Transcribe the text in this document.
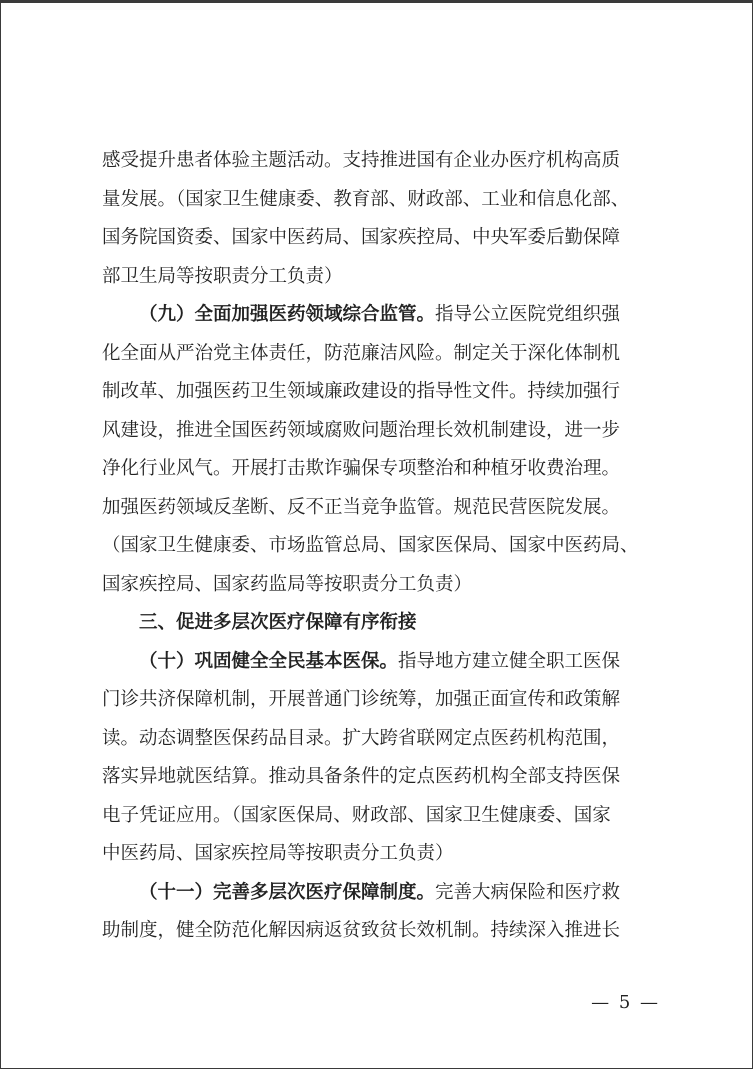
感受提升患者体验主题活动。支持推进国有企业办医疗机构高质
量发展。（国家卫生健康委、教育部、财政部、工业和信息化部、
国务院国资委、国家中医药局、国家疾控局、中央军委后勤保障
部卫生局等按职责分工负责）
（九）全面加强医药领域综合监管。指导公立医院党组织强
化全面从严治党主体责任，防范廉洁风险。制定关于深化体制机
制改革、加强医药卫生领域廉政建设的指导性文件。持续加强行
风建设，推进全国医药领域腐败问题治理长效机制建设，进一步
净化行业风气。开展打击欺诈骗保专项整治和种植牙收费治理。
加强医药领域反垄断、反不正当竞争监管。规范民营医院发展。
（国家卫生健康委、市场监管总局、国家医保局、国家中医药局、
国家疾控局、国家药监局等按职责分工负责）
三、促进多层次医疗保障有序衔接
（十）巩固健全全民基本医保。指导地方建立健全职工医保
门诊共济保障机制，开展普通门诊统筹，加强正面宣传和政策解
读。动态调整医保药品目录。扩大跨省联网定点医药机构范围，
落实异地就医结算。推动具备条件的定点医药机构全部支持医保
电子凭证应用。（国家医保局、财政部、国家卫生健康委、国家
中医药局、国家疾控局等按职责分工负责）
（十一）完善多层次医疗保障制度。完善大病保险和医疗救
助制度，健全防范化解因病返贫致贫长效机制。持续深入推进长
— 5 —
